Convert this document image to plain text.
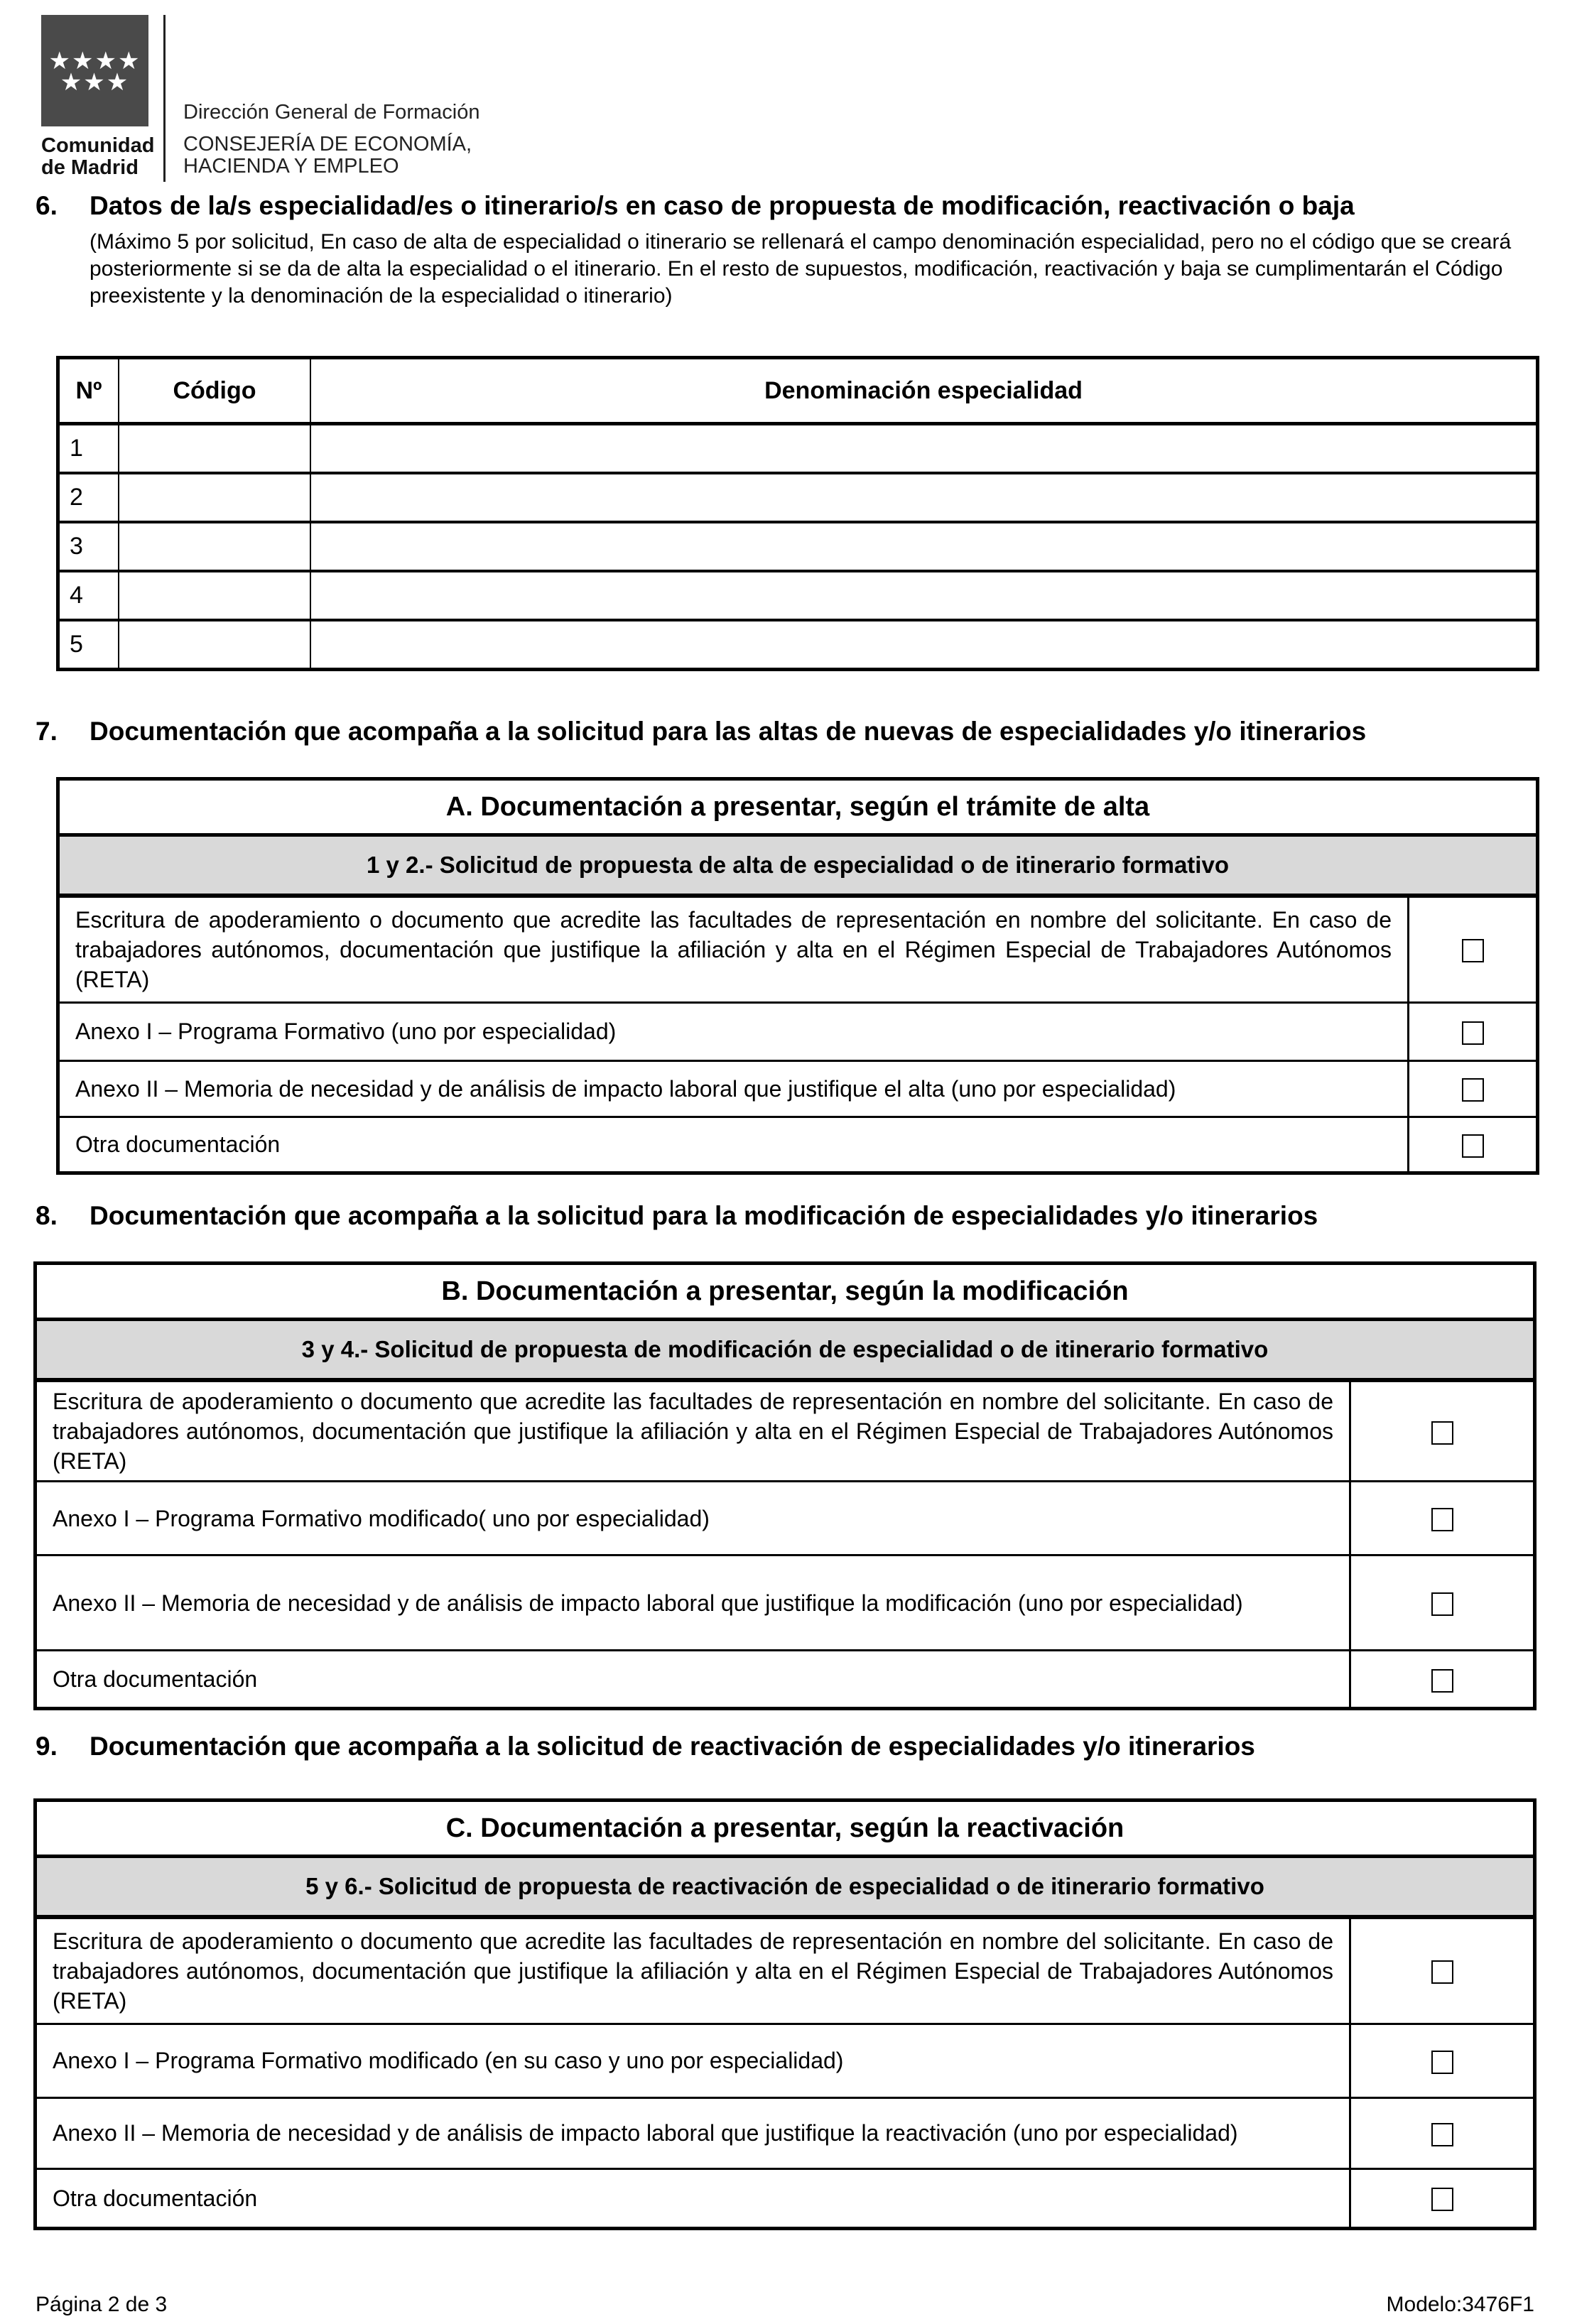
★★★★
★★★
Comunidad
de Madrid
Dirección General de Formación
CONSEJERÍA DE ECONOMÍA,
HACIENDA Y EMPLEO
6. Datos de la/s especialidad/es o itinerario/s en caso de propuesta de modificación, reactivación o baja
(Máximo 5 por solicitud, En caso de alta de especialidad o itinerario se rellenará el campo denominación especialidad, pero no el código que se creará posteriormente si se da de alta la especialidad o el itinerario. En el resto de supuestos, modificación, reactivación y baja se cumplimentarán el Código preexistente y la denominación de la especialidad o itinerario)
Nº	Código	Denominación especialidad
1		
2		
3		
4		
5		
7. Documentación que acompaña a la solicitud para las altas de nuevas de especialidades y/o itinerarios
A. Documentación a presentar, según el trámite de alta	
1 y 2.- Solicitud de propuesta de alta de especialidad o de itinerario formativo	
Escritura de apoderamiento o documento que acredite las facultades de representación en nombre del solicitante. En caso de trabajadores autónomos, documentación que justifique la afiliación y alta en el Régimen Especial de Trabajadores Autónomos (RETA)	
Anexo I – Programa Formativo (uno por especialidad)	
Anexo II – Memoria de necesidad y de análisis de impacto laboral que justifique el alta (uno por especialidad)	
Otra documentación	
8. Documentación que acompaña a la solicitud para la modificación de especialidades y/o itinerarios
B. Documentación a presentar, según la modificación	
3 y 4.- Solicitud de propuesta de modificación de especialidad o de itinerario formativo	
Escritura de apoderamiento o documento que acredite las facultades de representación en nombre del solicitante. En caso de trabajadores autónomos, documentación que justifique la afiliación y alta en el Régimen Especial de Trabajadores Autónomos (RETA)	
Anexo I – Programa Formativo modificado( uno por especialidad)	
Anexo II – Memoria de necesidad y de análisis de impacto laboral que justifique la modificación (uno por especialidad)	
Otra documentación	
9. Documentación que acompaña a la solicitud de reactivación de especialidades y/o itinerarios
C. Documentación a presentar, según la reactivación	
5 y 6.- Solicitud de propuesta de reactivación de especialidad o de itinerario formativo	
Escritura de apoderamiento o documento que acredite las facultades de representación en nombre del solicitante. En caso de trabajadores autónomos, documentación que justifique la afiliación y alta en el Régimen Especial de Trabajadores Autónomos (RETA)	
Anexo I – Programa Formativo modificado (en su caso y uno por especialidad)	
Anexo II – Memoria de necesidad y de análisis de impacto laboral que justifique la reactivación (uno por especialidad)	
Otra documentación	
Página 2 de 3	Modelo:3476F1
